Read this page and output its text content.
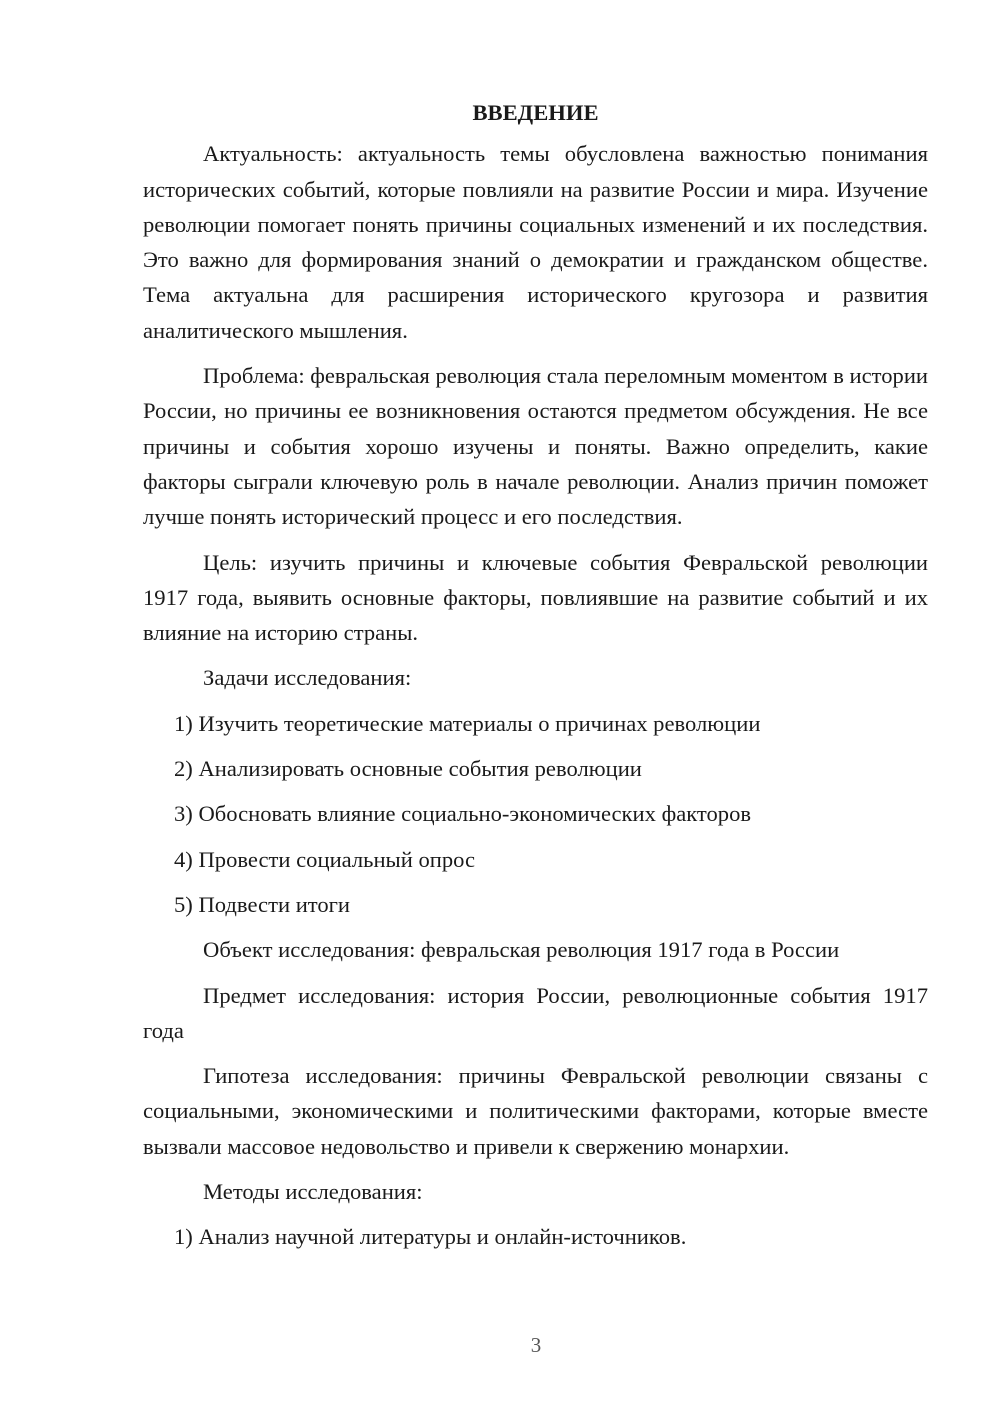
ВВЕДЕНИЕ
Актуальность: актуальность темы обусловлена важностью понимания исторических событий, которые повлияли на развитие России и мира. Изучение революции помогает понять причины социальных изменений и их последствия. Это важно для формирования знаний о демократии и гражданском обществе. Тема актуальна для расширения исторического кругозора и развития аналитического мышления.
Проблема: февральская революция стала переломным моментом в истории России, но причины ее возникновения остаются предметом обсуждения. Не все причины и события хорошо изучены и поняты. Важно определить, какие факторы сыграли ключевую роль в начале революции. Анализ причин поможет лучше понять исторический процесс и его последствия.
Цель: изучить причины и ключевые события Февральской революции 1917 года, выявить основные факторы, повлиявшие на развитие событий и их влияние на историю страны.
Задачи исследования:
1) Изучить теоретические материалы о причинах революции
2) Анализировать основные события революции
3) Обосновать влияние социально-экономических факторов
4) Провести социальный опрос
5) Подвести итоги
Объект исследования: февральская революция 1917 года в России
Предмет исследования: история России, революционные события 1917 года
Гипотеза исследования: причины Февральской революции связаны с социальными, экономическими и политическими факторами, которые вместе вызвали массовое недовольство и привели к свержению монархии.
Методы исследования:
1) Анализ научной литературы и онлайн-источников.
3
